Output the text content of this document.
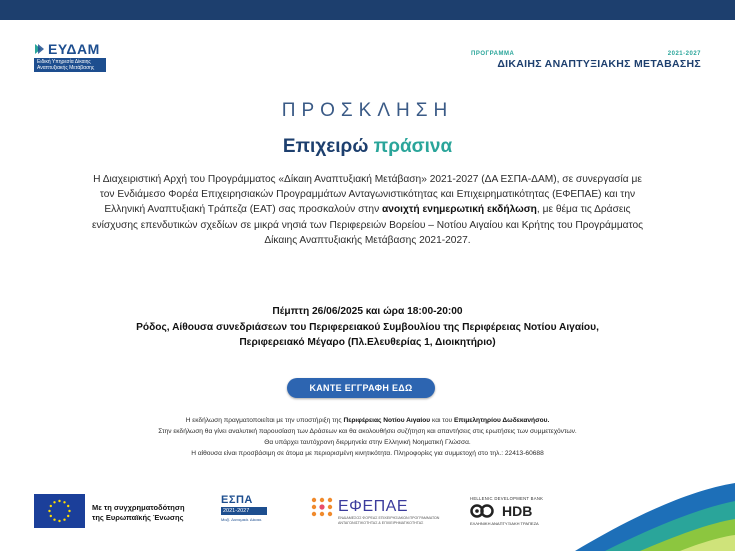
ΕΥΔΑΜ
Ειδική Υπηρεσία Δίκαιης Αναπτυξιακής Μετάβασης
ΠΡΟΓΡΑΜΜΑ	2021-2027
ΔΙΚΑΙΗΣ ΑΝΑΠΤΥΞΙΑΚΗΣ ΜΕΤΑΒΑΣΗΣ
ΠΡΟΣΚΛΗΣΗ
Επιχειρώ πράσινα
Η Διαχειριστική Αρχή του Προγράμματος «Δίκαιη Αναπτυξιακή Μετάβαση» 2021-2027 (ΔΑ ΕΣΠΑ-ΔΑΜ), σε συνεργασία με τον Ενδιάμεσο Φορέα Επιχειρησιακών Προγραμμάτων Ανταγωνιστικότητας και Επιχειρηματικότητας (ΕΦΕΠΑΕ) και την Ελληνική Αναπτυξιακή Τράπεζα (ΕΑΤ) σας προσκαλούν στην ανοιχτή ενημερωτική εκδήλωση, με θέμα τις Δράσεις ενίσχυσης επενδυτικών σχεδίων σε μικρά νησιά των Περιφερειών Βορείου – Νοτίου Αιγαίου και Κρήτης του Προγράμματος Δίκαιης Αναπτυξιακής Μετάβασης 2021-2027.
Πέμπτη 26/06/2025 και ώρα 18:00-20:00
Ρόδος, Αίθουσα συνεδριάσεων του Περιφερειακού Συμβουλίου της Περιφέρειας Νοτίου Αιγαίου,
Περιφερειακό Μέγαρο (Πλ.Ελευθερίας 1, Διοικητήριο)
ΚΑΝΤΕ ΕΓΓΡΑΦΗ ΕΔΩ
Η εκδήλωση πραγματοποιείται με την υποστήριξη της Περιφέρειας Νοτίου Αιγαίου και του Επιμελητηρίου Δωδεκανήσου.
Στην εκδήλωση θα γίνει αναλυτική παρουσίαση των Δράσεων και θα ακολουθήσει συζήτηση και απαντήσεις στις ερωτήσεις των συμμετεχόντων.
Θα υπάρχει ταυτόχρονη διερμηνεία στην Ελληνική Νοηματική Γλώσσα.
Η αίθουσα είναι προσβάσιμη σε άτομα με περιορισμένη κινητικότητα. Πληροφορίες για συμμετοχή στο τηλ.: 22413-60688
Με τη συγχρηματοδότηση
της Ευρωπαϊκής Ένωσης
ΕΣΠΑ
2021-2027
Μαζί. Δυναμικά. Δίκαια.
ΕΦΕΠΑΕ
ΕΝΔΙΑΜΕΣΟΣ ΦΟΡΕΑΣ ΕΠΙΧΕΙΡΗΣΙΑΚΩΝ ΠΡΟΓΡΑΜΜΑΤΩΝ ΑΝΤΑΓΩΝΙΣΤΙΚΟΤΗΤΑΣ & ΕΠΙΧΕΙΡΗΜΑΤΙΚΟΤΗΤΑΣ
HELLENIC DEVELOPMENT BANK
HDB
ΕΛΛΗΝΙΚΗ ΑΝΑΠΤΥΞΙΑΚΗ ΤΡΑΠΕΖΑ
